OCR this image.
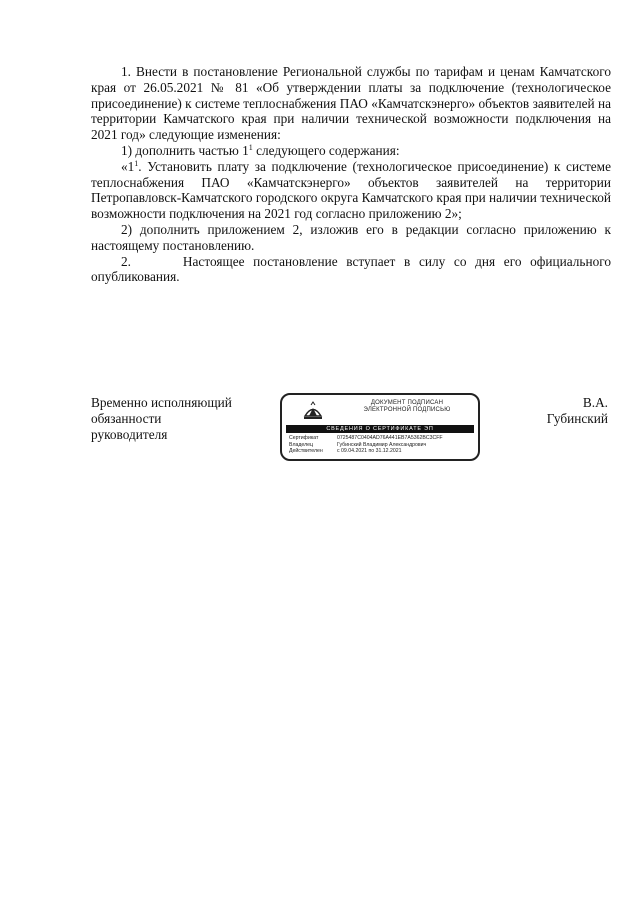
1. Внести в постановление Региональной службы по тарифам и ценам Камчатского края от 26.05.2021 № 81 «Об утверждении платы за подключение (технологическое присоединение) к системе теплоснабжения ПАО «Камчатскэнерго» объектов заявителей на территории Камчатского края при наличии технической возможности подключения на 2021 год» следующие изменения:

1) дополнить частью $1^1$ следующего содержания:

«$1^1$. Установить плату за подключение (технологическое присоединение) к системе теплоснабжения ПАО «Камчатскэнерго» объектов заявителей на территории Петропавловск-Камчатского городского округа Камчатского края при наличии технической возможности подключения на 2021 год согласно приложению 2»;

2) дополнить приложением 2, изложив его в редакции согласно приложению к настоящему постановлению.

2.      Настоящее постановление вступает в силу со дня его официального опубликования.

Временно исполняющий
обязанности
руководителя
ДОКУМЕНТ ПОДПИСАН
ЭЛЕКТРОННОЙ ПОДПИСЬЮ
СВЕДЕНИЯ О СЕРТИФИКАТЕ ЭП
Сертификат	0725487C0404AD76A441EB7A5362BC3CFF
Владелец	Губинский Владимир Александрович
Действителен	с 09.04.2021 по 31.12.2021
В.А.
Губинский
